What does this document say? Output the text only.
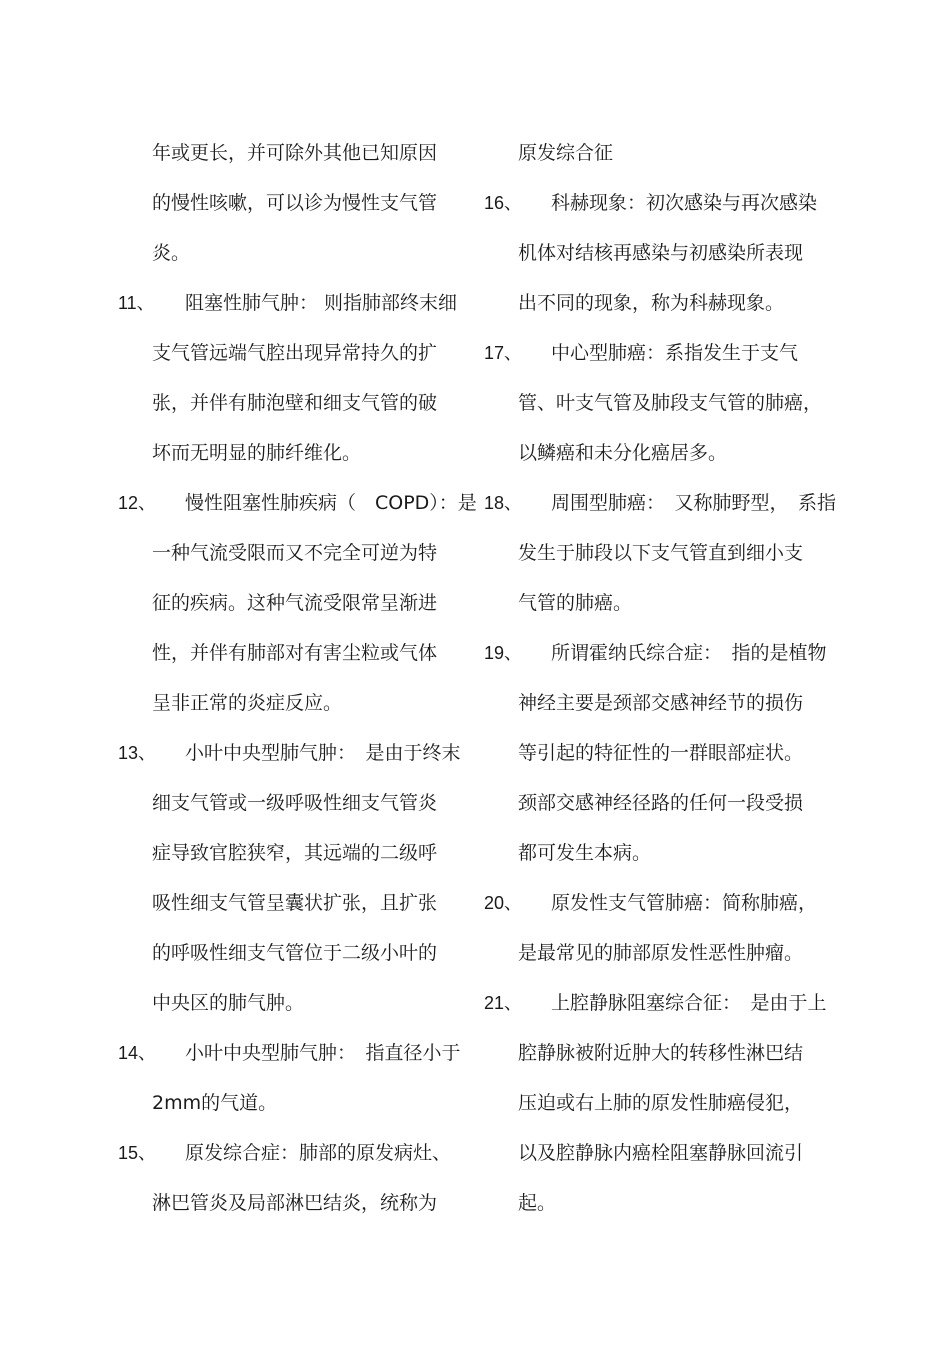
年或更长，并可除外其他已知原因
的慢性咳嗽，可以诊为慢性支气管
炎。
11、 阻塞性肺气肿： 则指肺部终末细
支气管远端气腔出现异常持久的扩
张，并伴有肺泡壁和细支气管的破
坏而无明显的肺纤维化。
12、 慢性阻塞性肺疾病（　COPD）：是
一种气流受限而又不完全可逆为特
征的疾病。这种气流受限常呈渐进
性，并伴有肺部对有害尘粒或气体
呈非正常的炎症反应。
13、 小叶中央型肺气肿：　是由于终末
细支气管或一级呼吸性细支气管炎
症导致官腔狭窄，其远端的二级呼
吸性细支气管呈囊状扩张，且扩张
的呼吸性细支气管位于二级小叶的
中央区的肺气肿。
14、 小叶中央型肺气肿：　指直径小于
2mm的气道。
15、 原发综合症：肺部的原发病灶、
淋巴管炎及局部淋巴结炎，统称为
原发综合征
16、 科赫现象：初次感染与再次感染
机体对结核再感染与初感染所表现
出不同的现象，称为科赫现象。
17、 中心型肺癌：系指发生于支气
管、叶支气管及肺段支气管的肺癌，
以鳞癌和未分化癌居多。
18、 周围型肺癌：　又称肺野型，　系指
发生于肺段以下支气管直到细小支
气管的肺癌。
19、 所谓霍纳氏综合症：　指的是植物
神经主要是颈部交感神经节的损伤
等引起的特征性的一群眼部症状。
颈部交感神经径路的任何一段受损
都可发生本病。
20、 原发性支气管肺癌：简称肺癌，
是最常见的肺部原发性恶性肿瘤。
21、 上腔静脉阻塞综合征：　是由于上
腔静脉被附近肿大的转移性淋巴结
压迫或右上肺的原发性肺癌侵犯，
以及腔静脉内癌栓阻塞静脉回流引
起。
